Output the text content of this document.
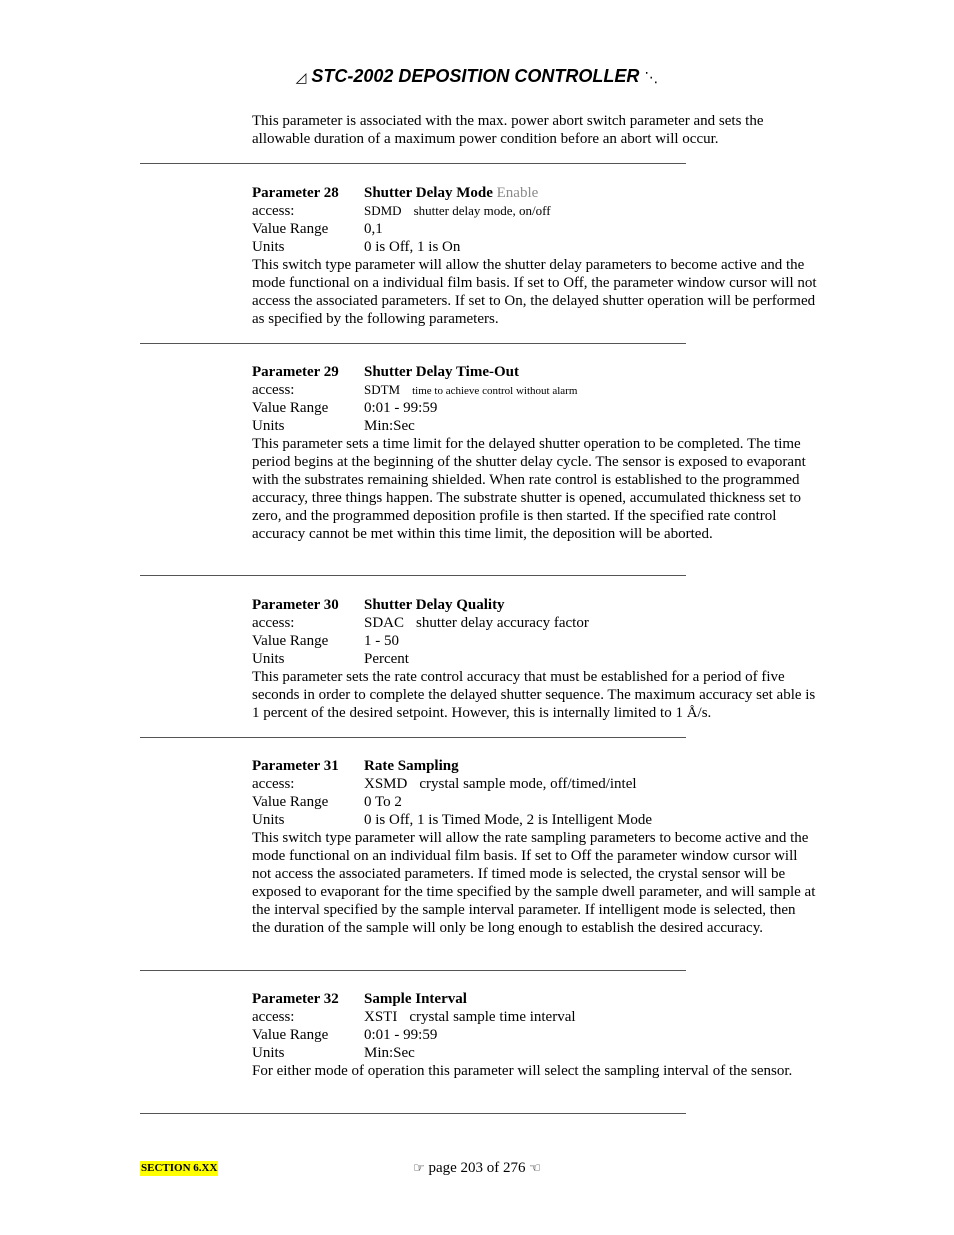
◿ STC-2002 DEPOSITION CONTROLLER ⋱

This parameter is associated with the max. power abort switch parameter and sets the allowable duration of a maximum power condition before an abort will occur.

Parameter 28 Shutter Delay Mode Enable
access:	SDMD shutter delay mode, on/off
Value Range 0,1
Units	0 is Off, 1 is On

This switch type parameter will allow the shutter delay parameters to become active and the mode functional on a individual film basis. If set to Off, the parameter window cursor will not access the associated parameters. If set to On, the delayed shutter operation will be performed as specified by the following parameters.

Parameter 29 Shutter Delay Time-Out
access:	SDTM time to achieve control without alarm
Value Range 0:01 - 99:59
Units	Min:Sec

This parameter sets a time limit for the delayed shutter operation to be completed. The time period begins at the beginning of the shutter delay cycle. The sensor is exposed to evaporant with the substrates remaining shielded. When rate control is established to the programmed accuracy, three things happen. The substrate shutter is opened, accumulated thickness set to zero, and the programmed deposition profile is then started. If the specified rate control accuracy cannot be met within this time limit, the deposition will be aborted.

Parameter 30 Shutter Delay Quality
access:	SDAC shutter delay accuracy factor
Value Range 1 - 50
Units	Percent

This parameter sets the rate control accuracy that must be established for a period of five seconds in order to complete the delayed shutter sequence. The maximum accuracy set able is 1 percent of the desired setpoint. However, this is internally limited to 1 Å/s.

Parameter 31 Rate Sampling
access:	XSMD crystal sample mode, off/timed/intel
Value Range 0 To 2
Units	0 is Off, 1 is Timed Mode, 2 is Intelligent Mode

This switch type parameter will allow the rate sampling parameters to become active and the mode functional on an individual film basis. If set to Off the parameter window cursor will not access the associated parameters. If timed mode is selected, the crystal sensor will be exposed to evaporant for the time specified by the sample dwell parameter, and will sample at the interval specified by the sample interval parameter. If intelligent mode is selected, then the duration of the sample will only be long enough to establish the desired accuracy.

Parameter 32 Sample Interval
access:	XSTI crystal sample time interval
Value Range 0:01 - 99:59
Units	Min:Sec

For either mode of operation this parameter will select the sampling interval of the sensor.

SECTION 6.XX	☞ page 203 of 276 ☜
